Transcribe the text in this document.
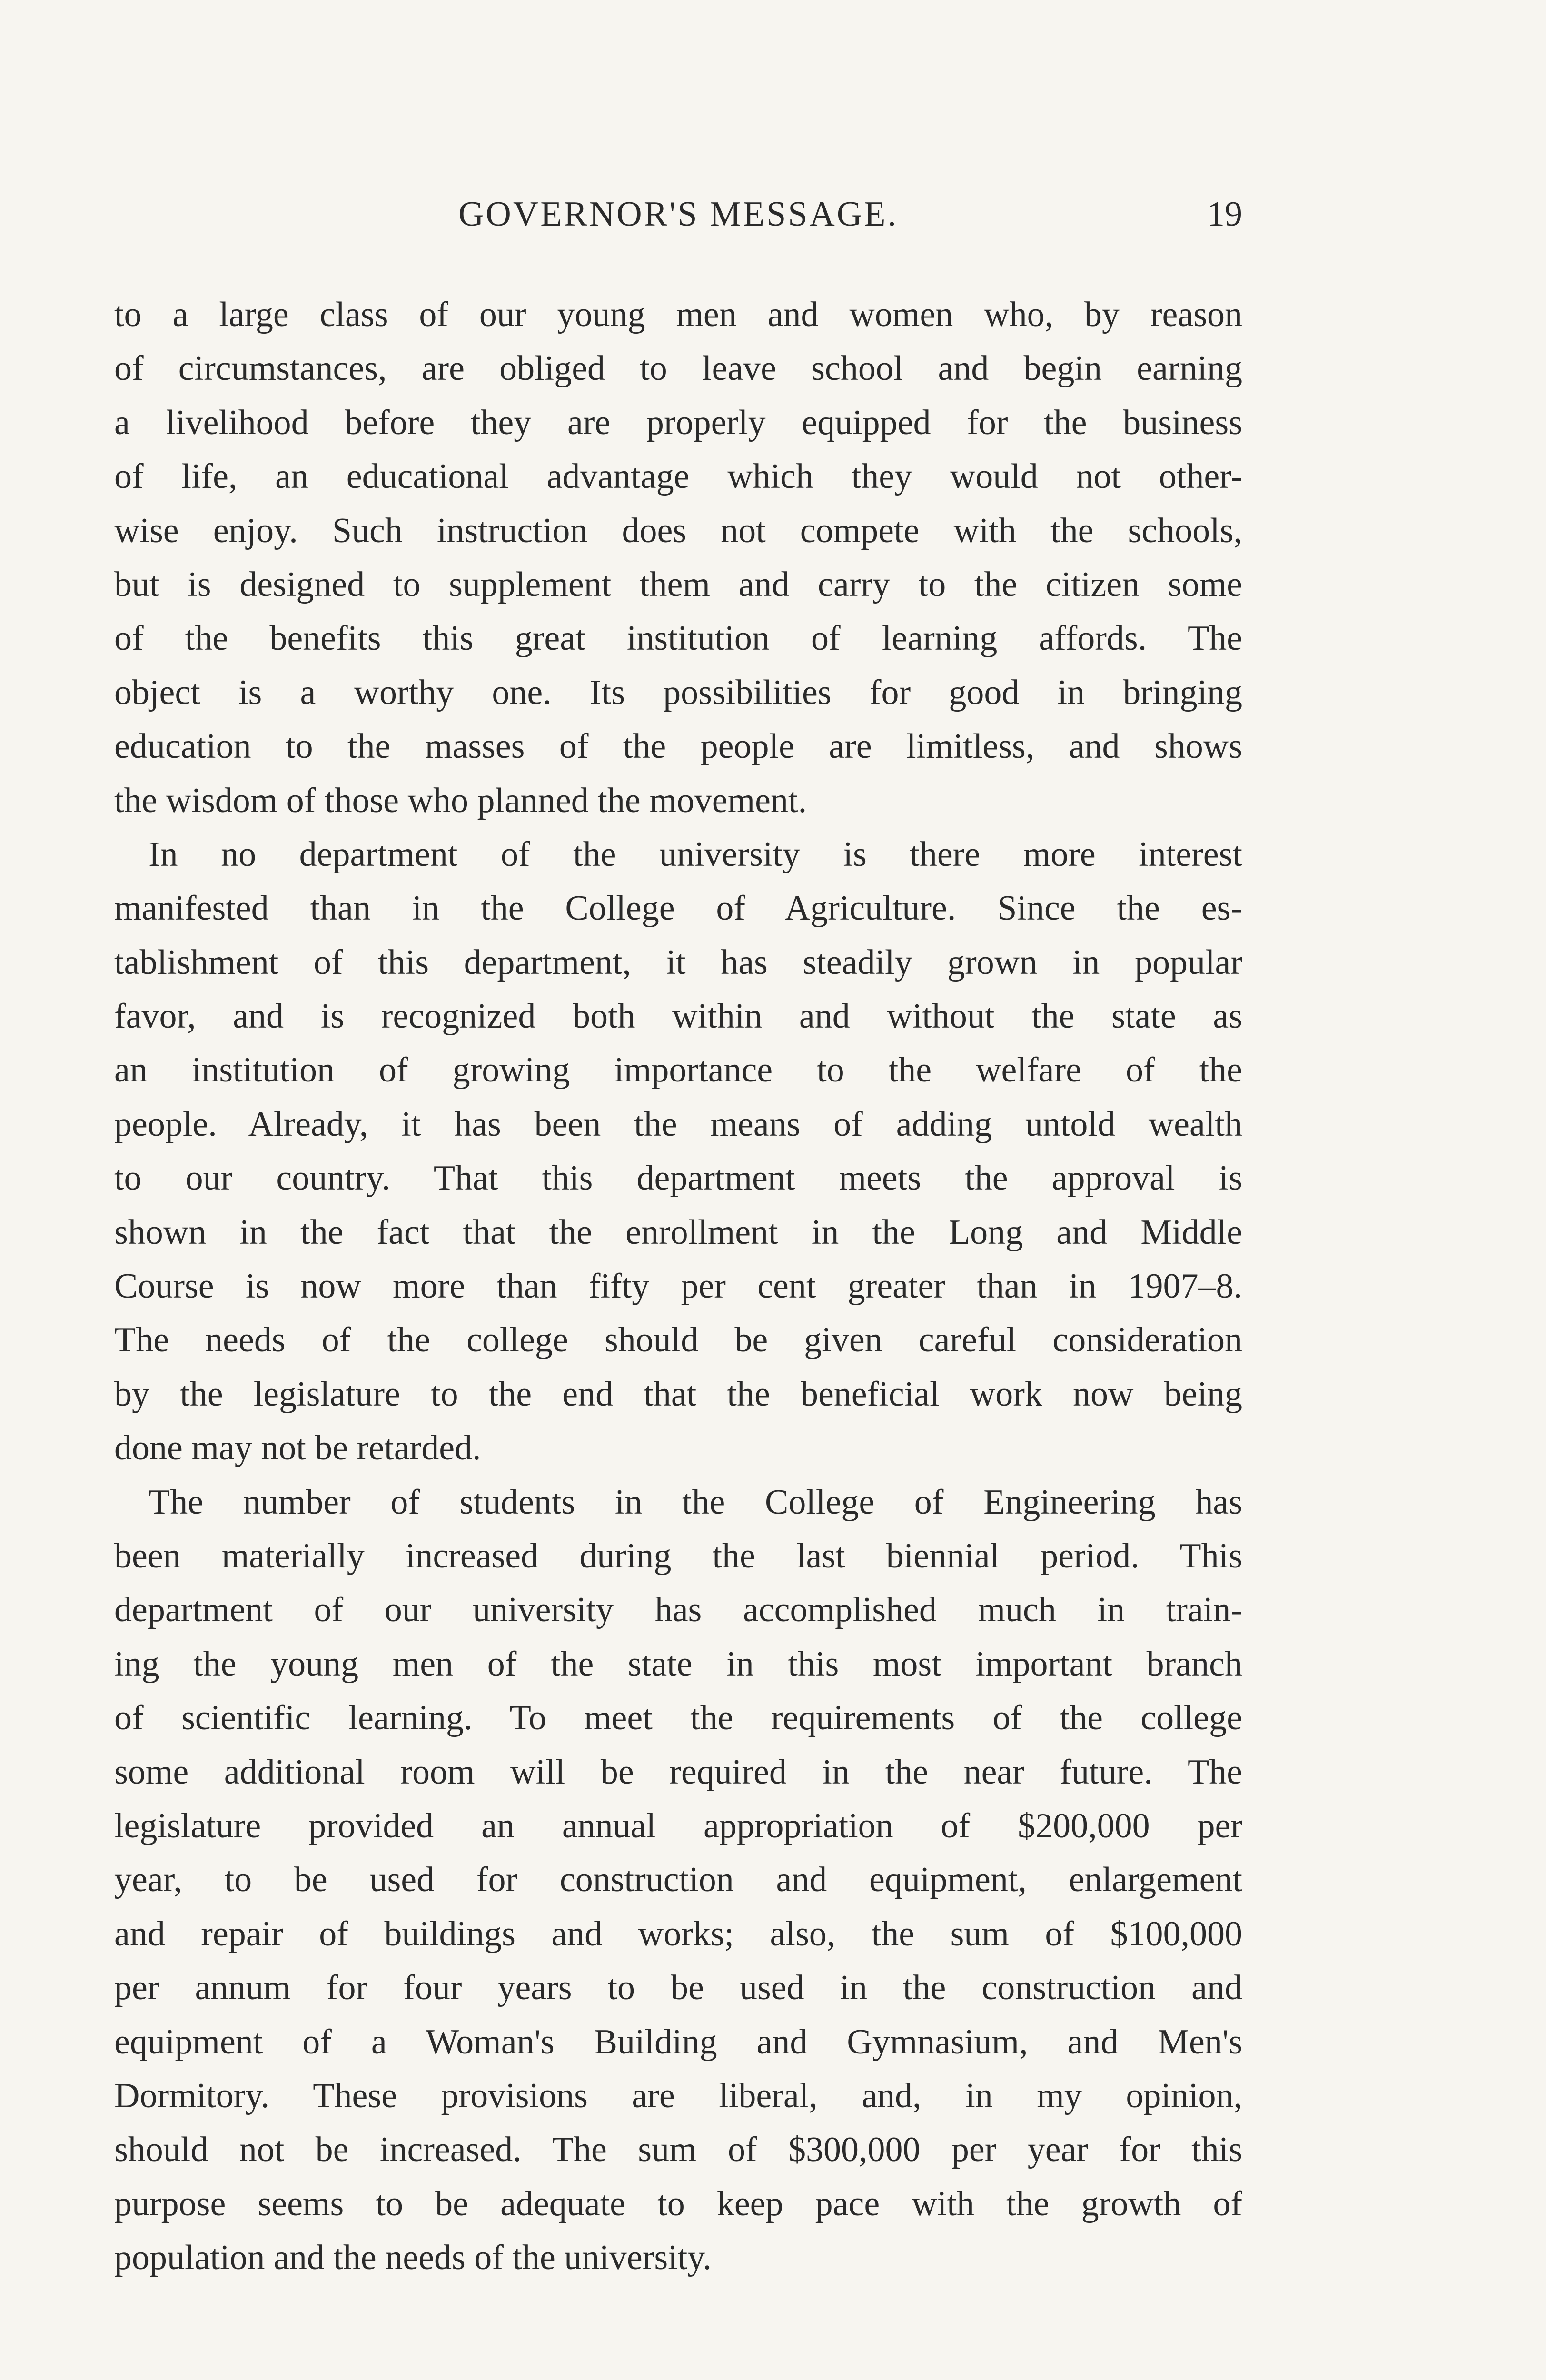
GOVERNOR'S MESSAGE.	19

to a large class of our young men and women who, by reason
of circumstances, are obliged to leave school and begin earning
a livelihood before they are properly equipped for the business
of life, an educational advantage which they would not other-
wise enjoy. Such instruction does not compete with the schools,
but is designed to supplement them and carry to the citizen some
of the benefits this great institution of learning affords. The
object is a worthy one. Its possibilities for good in bringing
education to the masses of the people are limitless, and shows
the wisdom of those who planned the movement.

In no department of the university is there more interest
manifested than in the College of Agriculture. Since the es-
tablishment of this department, it has steadily grown in popular
favor, and is recognized both within and without the state as
an institution of growing importance to the welfare of the
people. Already, it has been the means of adding untold wealth
to our country. That this department meets the approval is
shown in the fact that the enrollment in the Long and Middle
Course is now more than fifty per cent greater than in 1907–8.
The needs of the college should be given careful consideration
by the legislature to the end that the beneficial work now being
done may not be retarded.

The number of students in the College of Engineering has
been materially increased during the last biennial period. This
department of our university has accomplished much in train-
ing the young men of the state in this most important branch
of scientific learning. To meet the requirements of the college
some additional room will be required in the near future. The
legislature provided an annual appropriation of $200,000 per
year, to be used for construction and equipment, enlargement
and repair of buildings and works; also, the sum of $100,000
per annum for four years to be used in the construction and
equipment of a Woman's Building and Gymnasium, and Men's
Dormitory. These provisions are liberal, and, in my opinion,
should not be increased. The sum of $300,000 per year for this
purpose seems to be adequate to keep pace with the growth of
population and the needs of the university.
